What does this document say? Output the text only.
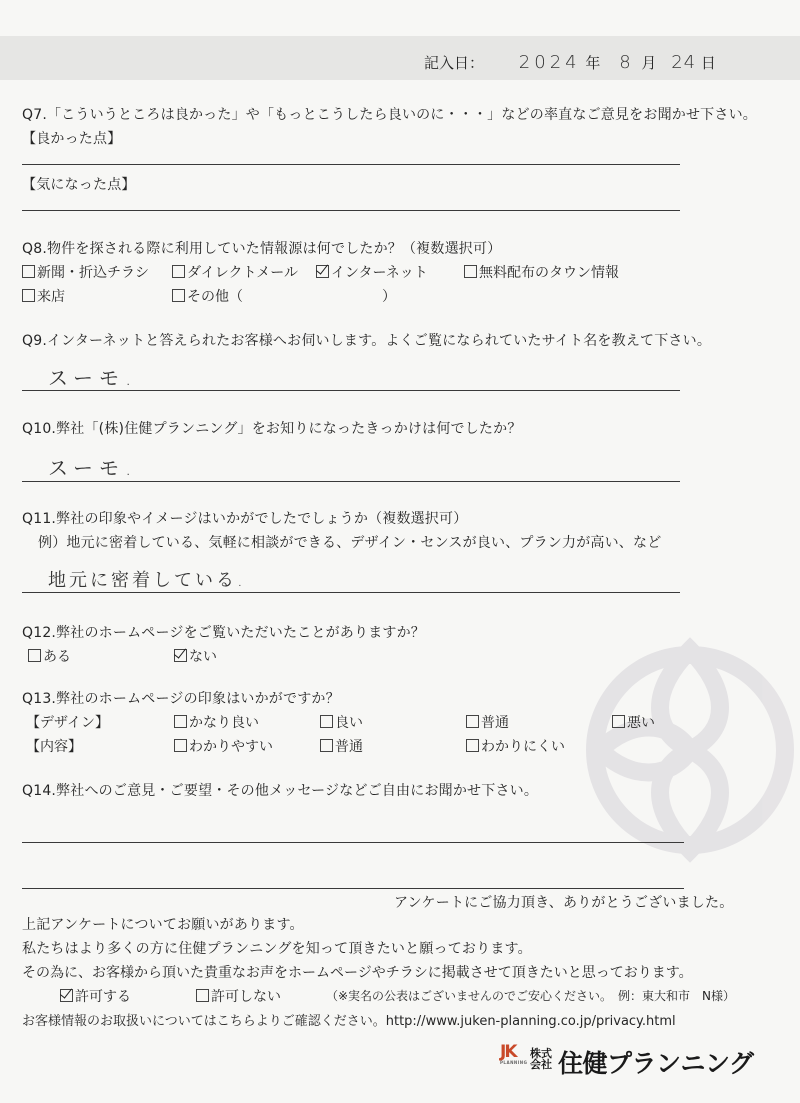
記入日： 2024 年 8 月 24 日
Q7.「こういうところは良かった」や「もっとこうしたら良いのに・・・」などの率直なご意見をお聞かせ下さい。
【良かった点】
【気になった点】
Q8.物件を探される際に利用していた情報源は何でしたか？（複数選択可）
新聞・折込チラシ	ダイレクトメール	インターネット	無料配布のタウン情報
来店	その他（	）
Q9.インターネットと答えられたお客様へお伺いします。よくご覧になられていたサイト名を教えて下さい。
スーモ.
Q10.弊社「(株)住健プランニング」をお知りになったきっかけは何でしたか？
スーモ.
Q11.弊社の印象やイメージはいかがでしたでしょうか（複数選択可）
例）地元に密着している、気軽に相談ができる、デザイン・センスが良い、プラン力が高い、など
地元に密着している.
Q12.弊社のホームページをご覧いただいたことがありますか？
ある	ない
Q13.弊社のホームページの印象はいかがですか？
【デザイン】	かなり良い	良い	普通	悪い
【内容】	わかりやすい	普通	わかりにくい
Q14.弊社へのご意見・ご要望・その他メッセージなどご自由にお聞かせ下さい。
アンケートにご協力頂き、ありがとうございました。
上記アンケートについてお願いがあります。
私たちはより多くの方に住健プランニングを知って頂きたいと願っております。
その為に、お客様から頂いた貴重なお声をホームページやチラシに掲載させて頂きたいと思っております。
許可する	許可しない	（※実名の公表はございませんのでご安心ください。　例：東大和市　N様）
お客様情報のお取扱いについてはこちらよりご確認ください。http://www.juken-planning.co.jp/privacy.html
JK
PLANNING
株式会社 住健プランニング
